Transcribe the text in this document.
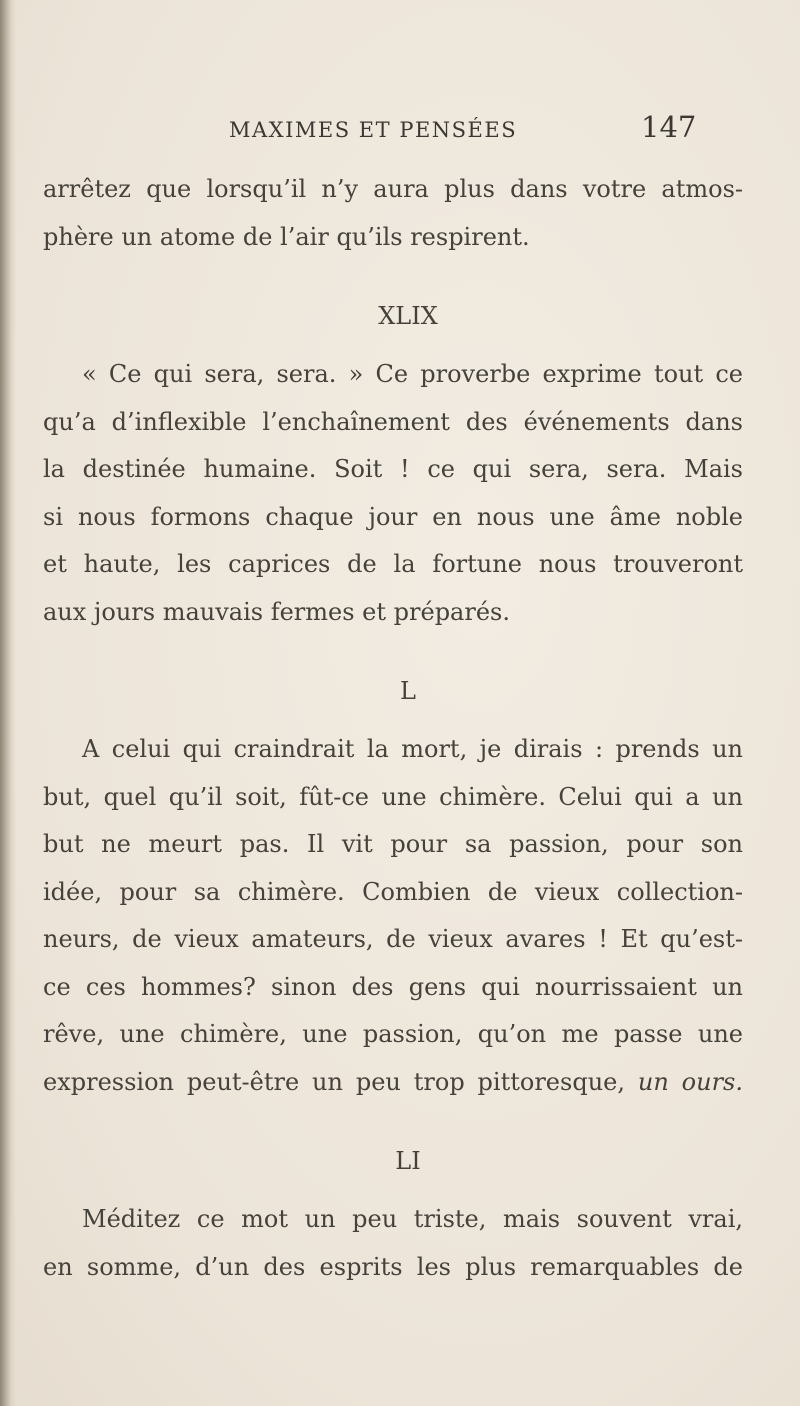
MAXIMES ET PENSÉES	147
arrêtez que lorsqu’il n’y aura plus dans votre atmos-
phère un atome de l’air qu’ils respirent.
XLIX
« Ce qui sera, sera. » Ce proverbe exprime tout ce
qu’a d’inflexible l’enchaînement des événements dans
la destinée humaine. Soit ! ce qui sera, sera. Mais
si nous formons chaque jour en nous une âme noble
et haute, les caprices de la fortune nous trouveront
aux jours mauvais fermes et préparés.
L
A celui qui craindrait la mort, je dirais : prends un
but, quel qu’il soit, fût-ce une chimère. Celui qui a un
but ne meurt pas. Il vit pour sa passion, pour son
idée, pour sa chimère. Combien de vieux collection-
neurs, de vieux amateurs, de vieux avares ! Et qu’est-
ce ces hommes? sinon des gens qui nourrissaient un
rêve, une chimère, une passion, qu’on me passe une
expression peut-être un peu trop pittoresque, un ours.
LI
Méditez ce mot un peu triste, mais souvent vrai,
en somme, d’un des esprits les plus remarquables de
